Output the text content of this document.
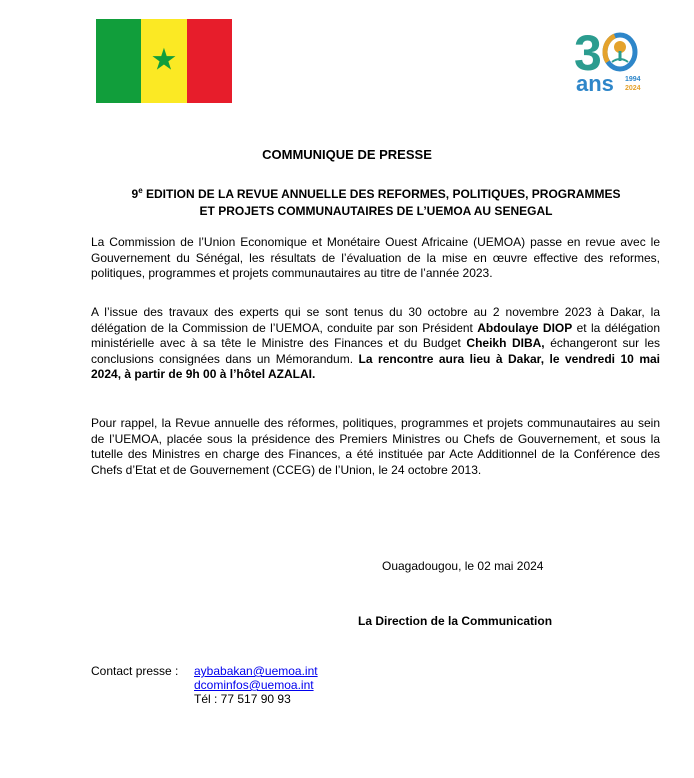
★	3
ans 1994
2024
COMMUNIQUE DE PRESSE
9e EDITION DE LA REVUE ANNUELLE DES REFORMES, POLITIQUES, PROGRAMMES
ET PROJETS COMMUNAUTAIRES DE L’UEMOA AU SENEGAL
La Commission de l’Union Economique et Monétaire Ouest Africaine (UEMOA) passe en revue avec le Gouvernement du Sénégal, les résultats de l’évaluation de la mise en œuvre effective des reformes, politiques, programmes et projets communautaires au titre de l’année 2023.
A l’issue des travaux des experts qui se sont tenus du 30 octobre au 2 novembre 2023 à Dakar, la délégation de la Commission de l’UEMOA, conduite par son Président Abdoulaye DIOP et la délégation ministérielle avec à sa tête le Ministre des Finances et du Budget Cheikh DIBA, échangeront sur les conclusions consignées dans un Mémorandum. La rencontre aura lieu à Dakar, le vendredi 10 mai 2024, à partir de 9h 00 à l’hôtel AZALAI.
Pour rappel, la Revue annuelle des réformes, politiques, programmes et projets communautaires au sein de l’UEMOA, placée sous la présidence des Premiers Ministres ou Chefs de Gouvernement, et sous la tutelle des Ministres en charge des Finances, a été instituée par Acte Additionnel de la Conférence des Chefs d’Etat et de Gouvernement (CCEG) de l’Union, le 24 octobre 2013.
Ouagadougou, le 02 mai 2024
La Direction de la Communication
Contact presse : aybabakan@uemoa.int
dcominfos@uemoa.int
Tél : 77 517 90 93
